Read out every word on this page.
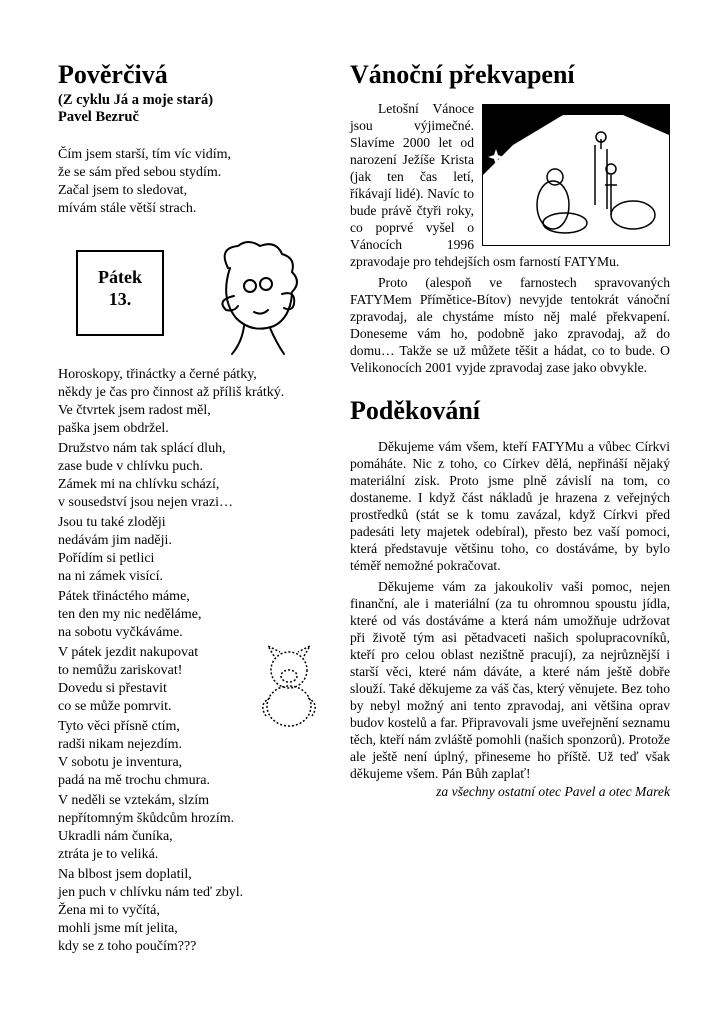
Pověrčivá
(Z cyklu Já a moje stará)
Pavel Bezruč
Čím jsem starší, tím víc vidím,
že se sám před sebou stydím.
Začal jsem to sledovat,
mívám stále větší strach.
Pátek
13.
Horoskopy, třináctky a černé pátky,
někdy je čas pro činnost až příliš krátký.
Ve čtvrtek jsem radost měl,
paška jsem obdržel.
Družstvo nám tak splácí dluh,
zase bude v chlívku puch.
Zámek mi na chlívku schází,
v sousedství jsou nejen vrazi…
Jsou tu také zloději
nedávám jim naději.
Pořídím si petlici
na ni zámek visící.
Pátek třináctého máme,
ten den my nic neděláme,
na sobotu vyčkáváme.
V pátek jezdit nakupovat
to nemůžu zariskovat!
Dovedu si přestavit
co se může pomrvit.
Tyto věci přísně ctím,
radši nikam nejezdím.
V sobotu je inventura,
padá na mě trochu chmura.
V neděli se vztekám, slzím
nepřítomným škůdcům hrozím.
Ukradli nám čuníka,
ztráta je to veliká.
Na blbost jsem doplatil,
jen puch v chlívku nám teď zbyl.
Žena mi to vyčítá,
mohli jsme mít jelita,
kdy se z toho poučím???
Vánoční překvapení

Letošní Vánoce jsou výjimečné. Slavíme 2000 let od narození Ježíše Krista (jak ten čas letí, říkávají lidé). Navíc to bude právě čtyři roky, co poprvé vyšel o Vánocích 1996 zpravodaje pro tehdejších osm farností FATYMu.

Proto (alespoň ve farnostech spravovaných FATYMem Přímětice-Bítov) nevyjde tentokrát vánoční zpravodaj, ale chystáme místo něj malé překvapení. Doneseme vám ho, podobně jako zpravodaj, až do domu… Takže se už můžete těšit a hádat, co to bude. O Velikonocích 2001 vyjde zpravodaj zase jako obvykle.

Poděkování

Děkujeme vám všem, kteří FATYMu a vůbec Církvi pomáháte. Nic z toho, co Církev dělá, nepřináší nějaký materiální zisk. Proto jsme plně závislí na tom, co dostaneme. I když část nákladů je hrazena z veřejných prostředků (stát se k tomu zavázal, když Církvi před padesáti lety majetek odebíral), přesto bez vaší pomoci, která představuje většinu toho, co dostáváme, by bylo téměř nemožné pokračovat.

Děkujeme vám za jakoukoliv vaši pomoc, nejen finanční, ale i materiální (za tu ohromnou spoustu jídla, které od vás dostáváme a která nám umožňuje udržovat při životě tým asi pětadvaceti našich spolupracovníků, kteří pro celou oblast nezištně pracují), za nejrůznější i starší věci, které nám dáváte, a které nám ještě dobře slouží. Také děkujeme za váš čas, který věnujete. Bez toho by nebyl možný ani tento zpravodaj, ani většina oprav budov kostelů a far. Připravovali jsme uveřejnění seznamu těch, kteří nám zvláště pomohli (našich sponzorů). Protože ale ještě není úplný, přineseme ho příště. Už teď však děkujeme všem. Pán Bůh zaplať!

za všechny ostatní otec Pavel a otec Marek
